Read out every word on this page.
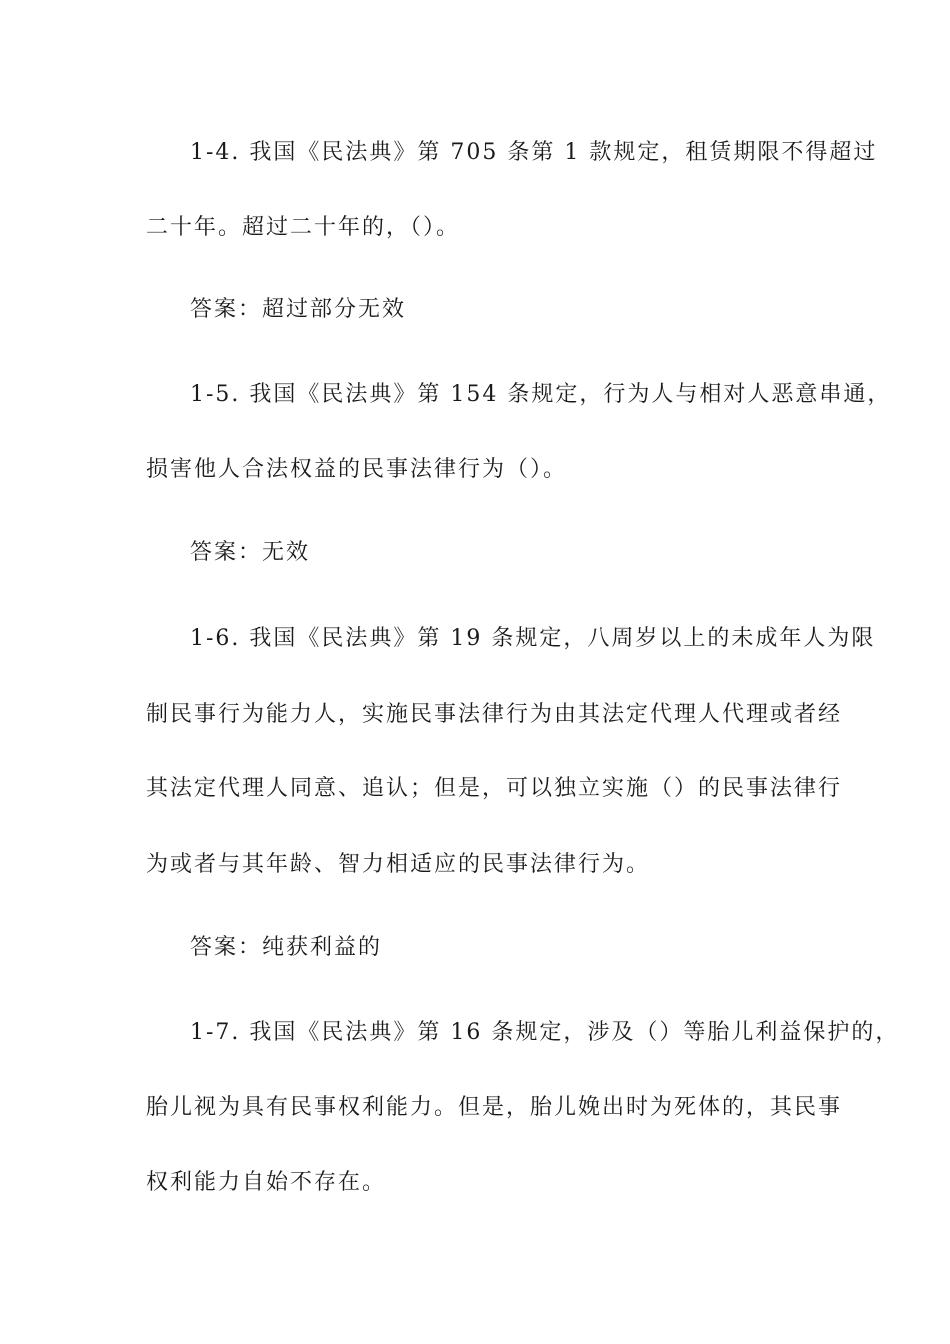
1-4. 我国《民法典》第 705 条第 1 款规定，租赁期限不得超过
二十年。超过二十年的，（）。
答案：超过部分无效
1-5. 我国《民法典》第 154 条规定，行为人与相对人恶意串通，
损害他人合法权益的民事法律行为（）。
答案：无效
1-6. 我国《民法典》第 19 条规定，八周岁以上的未成年人为限
制民事行为能力人，实施民事法律行为由其法定代理人代理或者经
其法定代理人同意、追认；但是，可以独立实施（）的民事法律行
为或者与其年龄、智力相适应的民事法律行为。
答案：纯获利益的
1-7. 我国《民法典》第 16 条规定，涉及（）等胎儿利益保护的，
胎儿视为具有民事权利能力。但是，胎儿娩出时为死体的，其民事
权利能力自始不存在。
